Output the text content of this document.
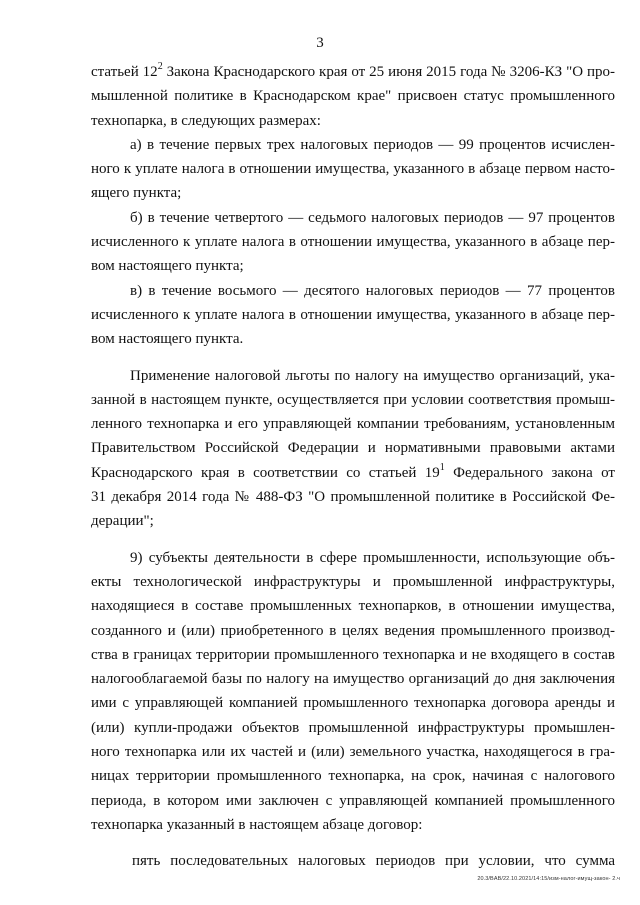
3
статьей $12^2$ Закона Краснодарского края от 25 июня 2015 года № 3206-КЗ "О про-
мышленной политике в Краснодарском крае" присвоен статус промышленного
технопарка, в следующих размерах:
а) в течение первых трех налоговых периодов — 99 процентов исчислен-
ного к уплате налога в отношении имущества, указанного в абзаце первом насто-
ящего пункта;
б) в течение четвертого — седьмого налоговых периодов — 97 процентов
исчисленного к уплате налога в отношении имущества, указанного в абзаце пер-
вом настоящего пункта;
в) в течение восьмого — десятого налоговых периодов — 77 процентов
исчисленного к уплате налога в отношении имущества, указанного в абзаце пер-
вом настоящего пункта.
Применение налоговой льготы по налогу на имущество организаций, ука-
занной в настоящем пункте, осуществляется при условии соответствия промыш-
ленного технопарка и его управляющей компании требованиям, установленным
Правительством Российской Федерации и нормативными правовыми актами
Краснодарского края в соответствии со статьей $19^1$ Федерального закона от
31 декабря 2014 года № 488-ФЗ "О промышленной политике в Российской Фе-
дерации";
9) субъекты деятельности в сфере промышленности, использующие объ-
екты технологической инфраструктуры и промышленной инфраструктуры,
находящиеся в составе промышленных технопарков, в отношении имущества,
созданного и (или) приобретенного в целях ведения промышленного производ-
ства в границах территории промышленного технопарка и не входящего в состав
налогооблагаемой базы по налогу на имущество организаций до дня заключения
ими с управляющей компанией промышленного технопарка договора аренды и
(или) купли-продажи объектов промышленной инфраструктуры промышлен-
ного технопарка или их частей и (или) земельного участка, находящегося в гра-
ницах территории промышленного технопарка, на срок, начиная с налогового
периода, в котором ими заключен с управляющей компанией промышленного
технопарка указанный в настоящем абзаце договор:
пять последовательных налоговых периодов при условии, что сумма
20.3/BAB/22.10.2021/14:15/изм-налог-имущ-закон- 2.ч
